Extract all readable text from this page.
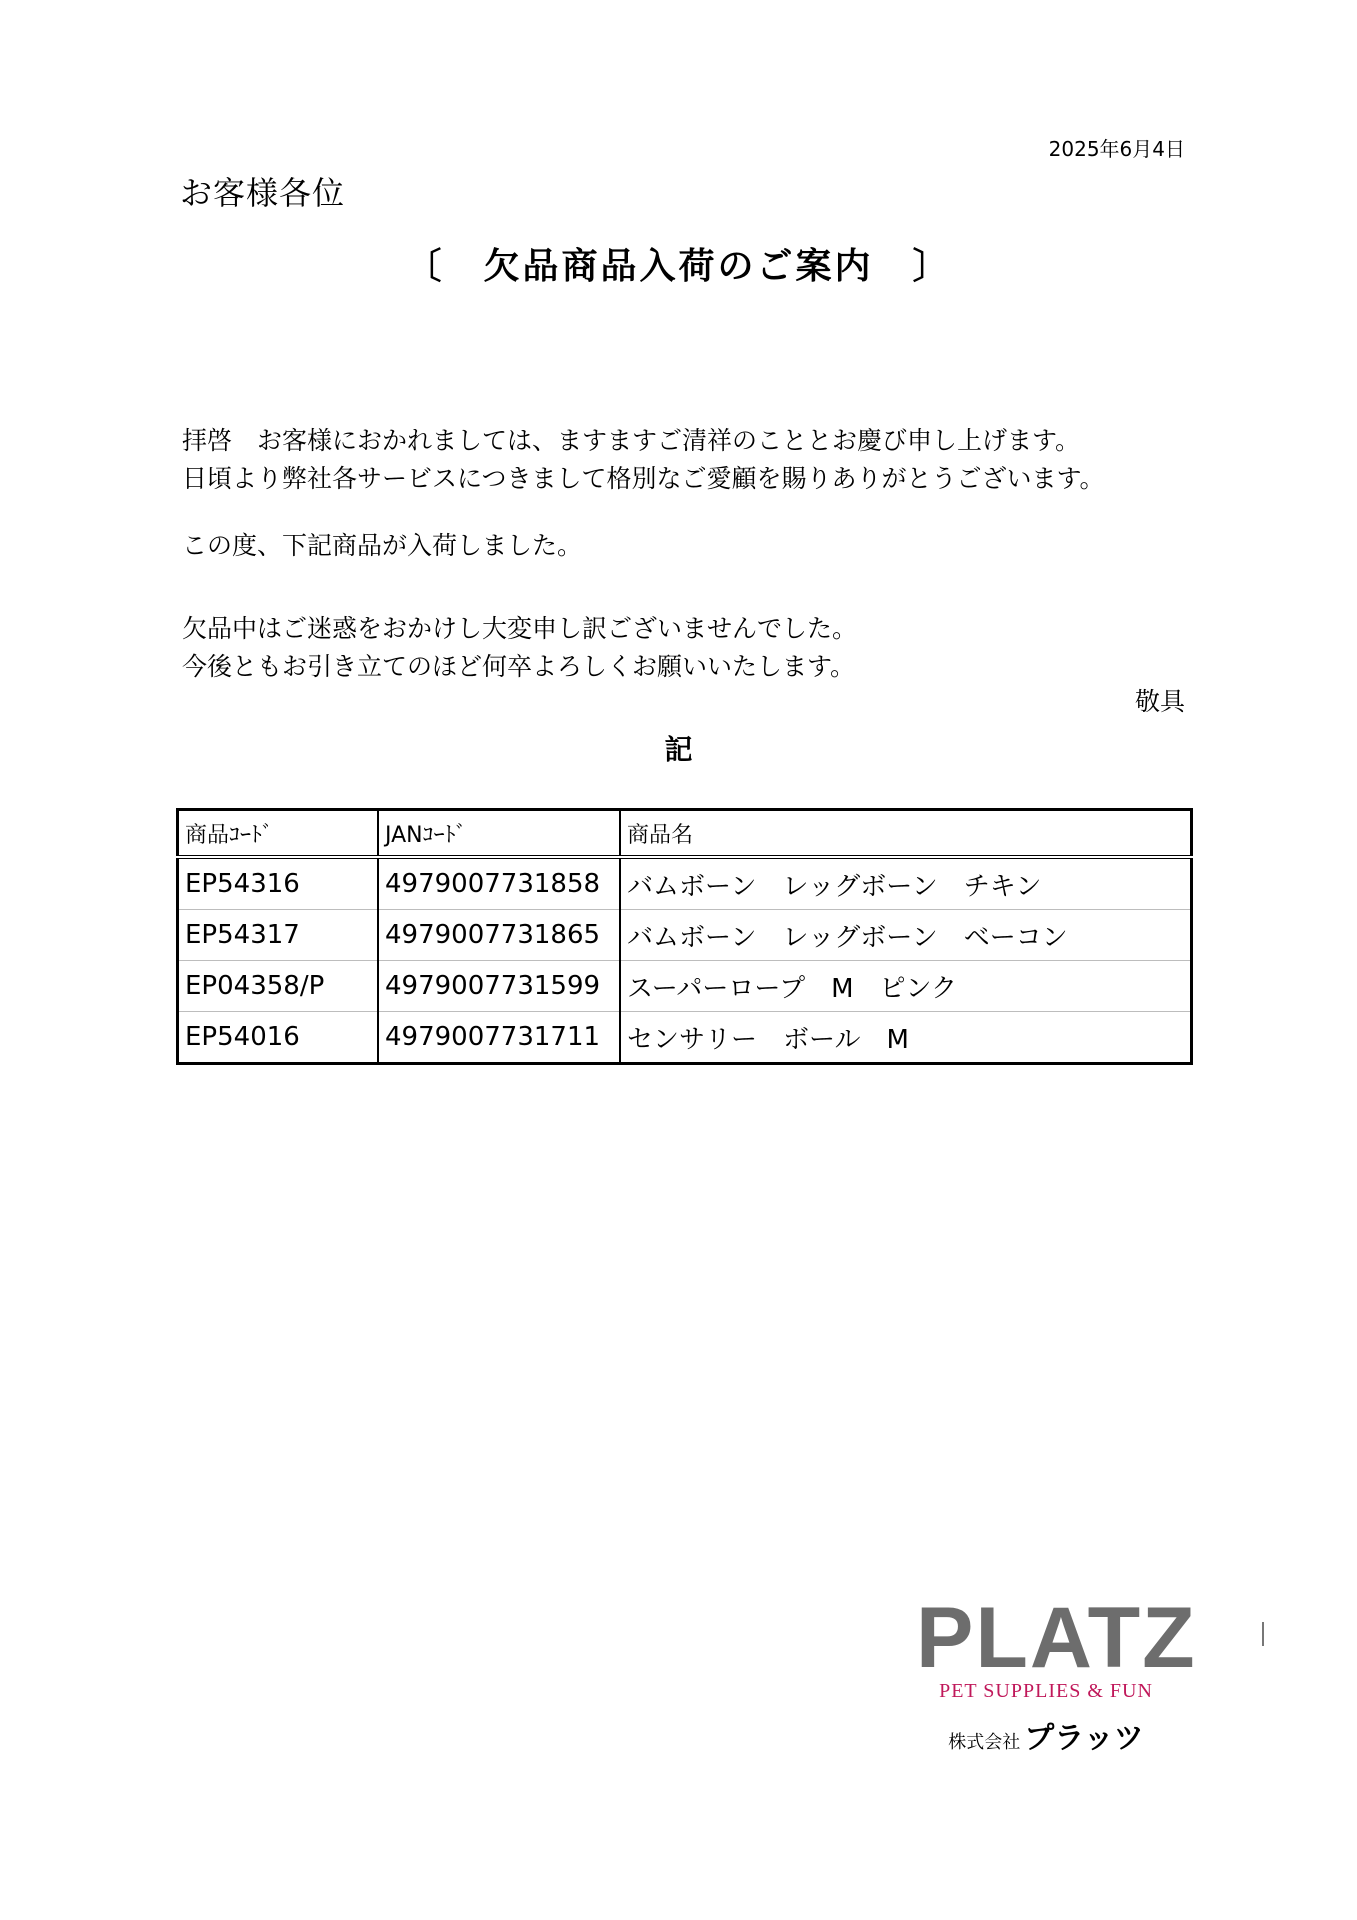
2025年6月4日
お客様各位
〔　欠品商品入荷のご案内　〕
拝啓　お客様におかれましては、ますますご清祥のこととお慶び申し上げます。
日頃より弊社各サービスにつきまして格別なご愛顧を賜りありがとうございます。
この度、下記商品が入荷しました。
欠品中はご迷惑をおかけし大変申し訳ございませんでした。
今後ともお引き立てのほど何卒よろしくお願いいたします。
敬具
記
商品ｺｰﾄﾞ	JANｺｰﾄﾞ	商品名
EP54316	4979007731858	バムボーン　レッグボーン　チキン
EP54317	4979007731865	バムボーン　レッグボーン　ベーコン
EP04358/P	4979007731599	スーパーロープ　M　ピンク
EP54016	4979007731711	センサリー　ボール　M
PLATZ
PET SUPPLIES & FUN
株式会社 プラッツ
